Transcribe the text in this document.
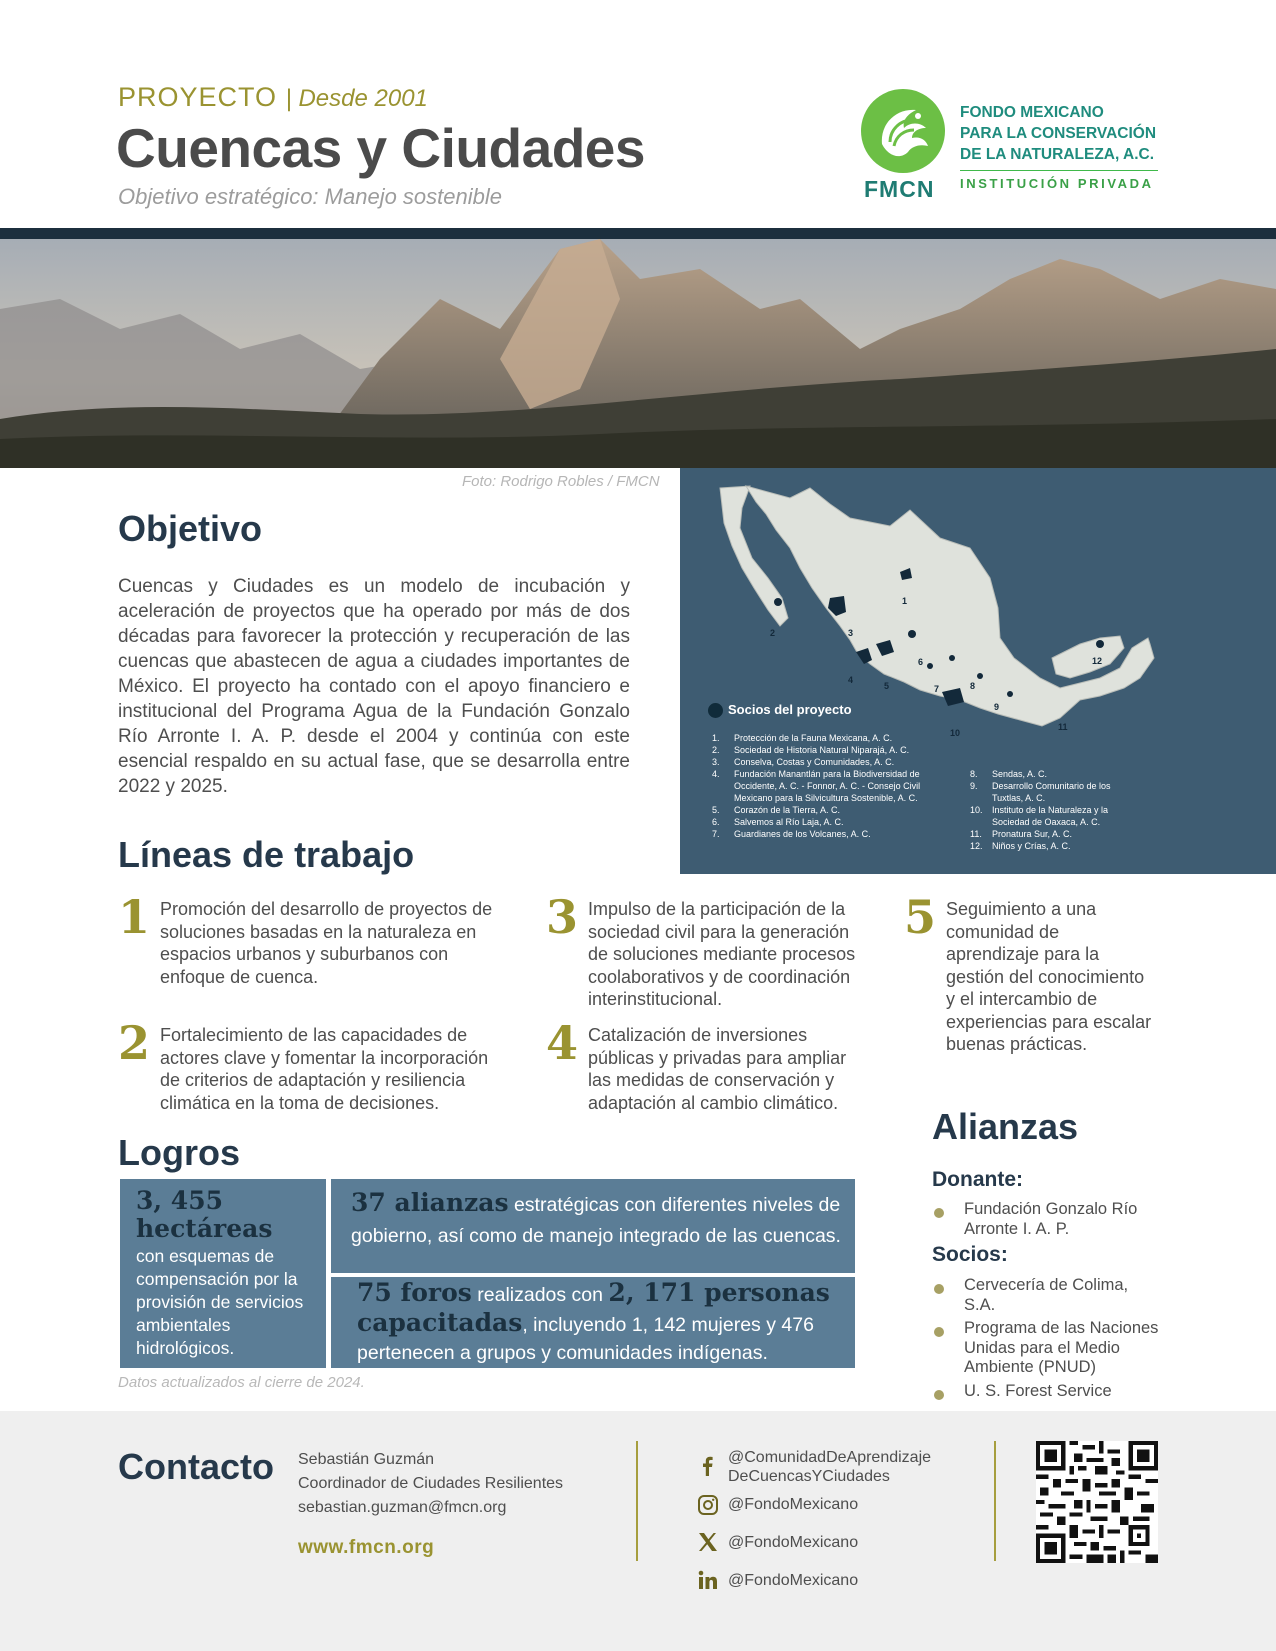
PROYECTO | Desde 2001
Cuencas y Ciudades
Objetivo estratégico: Manejo sostenible	FMCN
FONDO MEXICANO
PARA LA CONSERVACIÓN
DE LA NATURALEZA, A.C.
INSTITUCIÓN PRIVADA
Foto: Rodrigo Robles / FMCN
Objetivo

Cuencas y Ciudades es un modelo de incubación y aceleración de proyectos que ha operado por más de dos décadas para favorecer la protección y recuperación de las cuencas que abastecen de agua a ciudades importantes de México. El proyecto ha contado con el apoyo financiero e institucional del Programa Agua de la Fundación Gonzalo Río Arronte I. A. P. desde el 2004 y continúa con este esencial respaldo en su actual fase, que se desarrolla entre 2022 y 2025.

1
2	3
4
5
6
7	8
9
10
11
12
Socios del proyecto
1.	Protección de la Fauna Mexicana, A. C.
2.	Sociedad de Historia Natural Niparajá, A. C.
3.	Conselva, Costas y Comunidades, A. C.
4.	Fundación Manantlán para la Biodiversidad de Occidente, A. C. - Fonnor, A. C. - Consejo Civil Mexicano para la Silvicultura Sostenible, A. C.
5.	Corazón de la Tierra, A. C.
6.	Salvemos al Río Laja, A. C.
7.	Guardianes de los Volcanes, A. C.
8.	Sendas, A. C.
9.	Desarrollo Comunitario de los Tuxtlas, A. C.
10.	Instituto de la Naturaleza y la Sociedad de Oaxaca, A. C.
11.	Pronatura Sur, A. C.
12.	Niños y Crías, A. C.
Líneas de trabajo
1 Promoción del desarrollo de proyectos de soluciones basadas en la naturaleza en espacios urbanos y suburbanos con enfoque de cuenca.
2 Fortalecimiento de las capacidades de actores clave y fomentar la incorporación de criterios de adaptación y resiliencia climática en la toma de decisiones.
3 Impulso de la participación de la sociedad civil para la generación de soluciones mediante procesos coolaborativos y de coordinación interinstitucional.
4 Catalización de inversiones públicas y privadas para ampliar las medidas de conservación y adaptación al cambio climático.
5 Seguimiento a una comunidad de aprendizaje para la gestión del conocimiento y el intercambio de experiencias para escalar buenas prácticas.
Logros
3, 455 hectáreas
con esquemas de compensación por la provisión de servicios ambientales hidrológicos.
37 alianzas estratégicas con diferentes niveles de gobierno, así como de manejo integrado de las cuencas.
75 foros realizados con 2, 171 personas capacitadas, incluyendo 1, 142 mujeres y 476 pertenecen a grupos y comunidades indígenas.
Datos actualizados al cierre de 2024.
Alianzas
Donante:
Fundación Gonzalo Río Arronte I. A. P.
Socios:
Cervecería de Colima, S.A.
Programa de las Naciones Unidas para el Medio Ambiente (PNUD)
U. S. Forest Service
Contacto Sebastián Guzmán
Coordinador de Ciudades Resilientes
sebastian.guzman@fmcn.org
www.fmcn.org
@ComunidadDeAprendizaje DeCuencasYCiudades
@FondoMexicano
@FondoMexicano
@FondoMexicano
